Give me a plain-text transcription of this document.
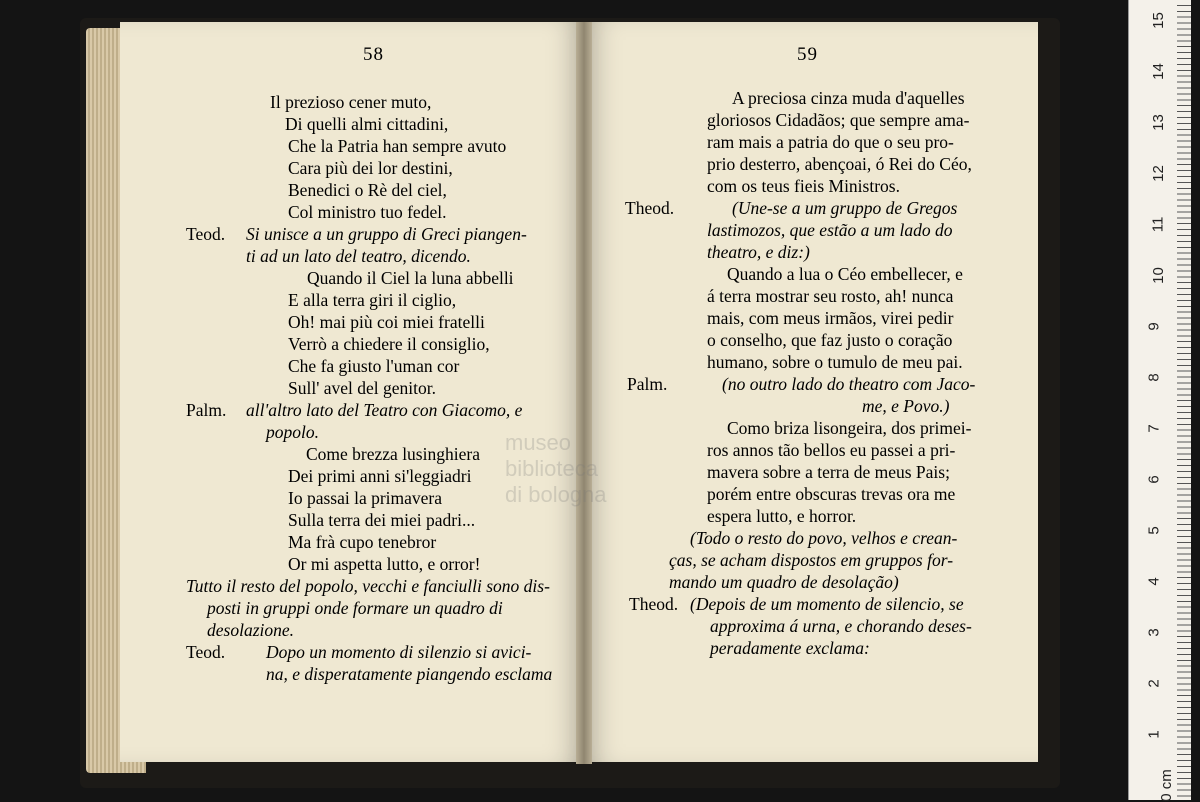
58	59
Il prezioso cener muto,
Di quelli almi cittadini,
Che la Patria han sempre avuto
Cara più dei lor destini,
Benedici o Rè del ciel,
Col ministro tuo fedel.
Si unisce a un gruppo di Greci piangen-
ti ad un lato del teatro, dicendo.
Quando il Ciel la luna abbelli
E alla terra giri il ciglio,
Oh! mai più coi miei fratelli
Verrò a chiedere il consiglio,
Che fa giusto l'uman cor
Sull' avel del genitor.
all'altro lato del Teatro con Giacomo, e
popolo.
Come brezza lusinghiera
Dei primi anni si'leggiadri
Io passai la primavera
Sulla terra dei miei padri...
Ma frà cupo tenebror
Or mi aspetta lutto, e orror!
Tutto il resto del popolo, vecchi e fanciulli sono dis-
posti in gruppi onde formare un quadro di
desolazione.
Dopo un momento di silenzio si avici-
na, e disperatamente piangendo esclama
A preciosa cinza muda d'aquelles
gloriosos Cidadãos; que sempre ama-
ram mais a patria do que o seu pro-
prio desterro, abençoai, ó Rei do Céo,
com os teus fieis Ministros.
(Une-se a um gruppo de Gregos
lastimozos, que estão a um lado do
theatro, e diz:)
Quando a lua o Céo embellecer, e
á terra mostrar seu rosto, ah! nunca
mais, com meus irmãos, virei pedir
o conselho, que faz justo o coração
humano, sobre o tumulo de meu pai.
(no outro lado do theatro com Jaco-
me, e Povo.)
Como briza lisongeira, dos primei-
ros annos tão bellos eu passei a pri-
mavera sobre a terra de meus Pais;
porém entre obscuras trevas ora me
espera lutto, e horror.
(Todo o resto do povo, velhos e crean-
ças, se acham dispostos em gruppos for-
mando um quadro de desolação)
(Depois de um momento de silencio, se
approxima á urna, e chorando deses-
peradamente exclama:
Teod.
Palm.
Teod.
Theod.
Palm.
Theod.
museo
biblioteca
di bologna
15
14
13
12
11
10
9
8
7
6
5
4
3
2
1
0 cm
